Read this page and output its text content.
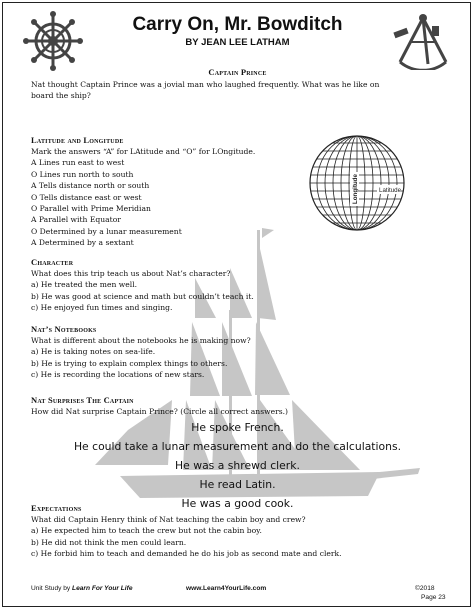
Carry On, Mr. Bowditch
BY JEAN LEE LATHAM
Captain Prince
Nat thought Captain Prince was a jovial man who laughed frequently. What was he like on
board the ship?
Latitude and Longitude
Mark the answers “A” for LAtitude and “O” for LOngitude.
A Lines run east to west
O Lines run north to south
A Tells distance north or south
O Tells distance east or west
O Parallel with Prime Meridian
A Parallel with Equator
O Determined by a lunar measurement
A Determined by a sextant
Latitude
Longitude
Character
What does this trip teach us about Nat’s character?
a) He treated the men well.
b) He was good at science and math but couldn’t teach it.
c) He enjoyed fun times and singing.
Nat’s Notebooks
What is different about the notebooks he is making now?
a) He is taking notes on sea-life.
b) He is trying to explain complex things to others.
c) He is recording the locations of new stars.
Nat Surprises The Captain
How did Nat surprise Captain Prince? (Circle all correct answers.)
He spoke French.
He could take a lunar measurement and do the calculations.
He was a shrewd clerk.
He read Latin.
He was a good cook.
Expectations
What did Captain Henry think of Nat teaching the cabin boy and crew?
a) He expected him to teach the crew but not the cabin boy.
b) He did not think the men could learn.
c) He forbid him to teach and demanded he do his job as second mate and clerk.
Unit Study by Learn For Your Life	www.Learn4YourLife.com	©2018
Page 23
